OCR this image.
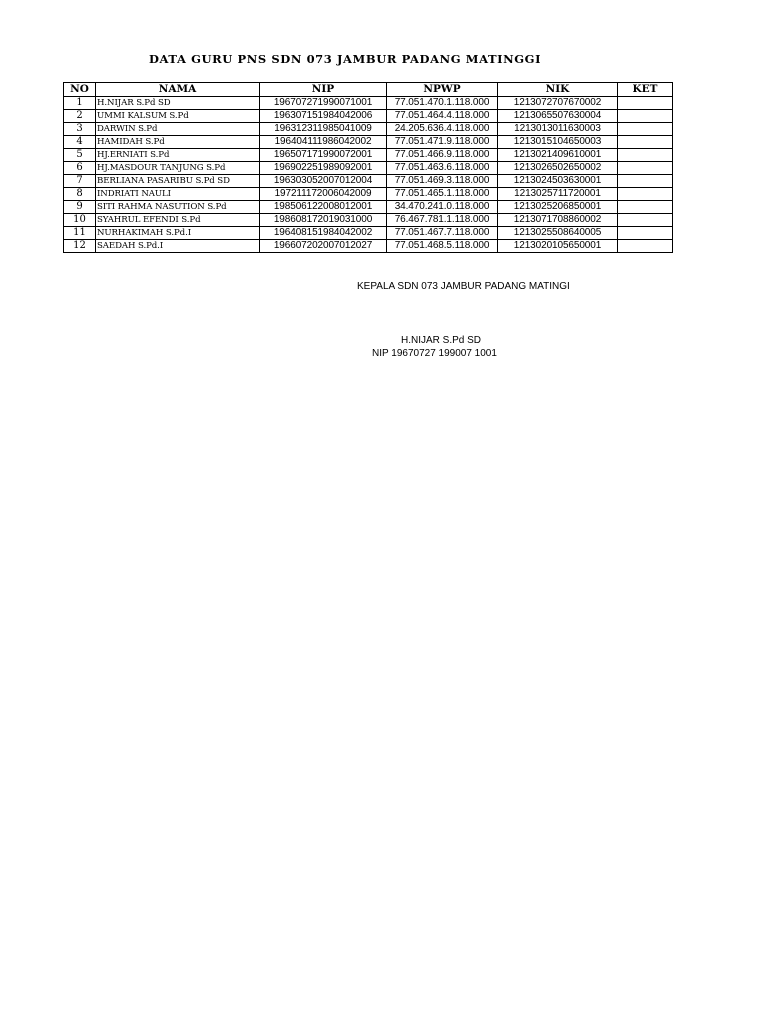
DATA GURU PNS SDN 073 JAMBUR PADANG MATINGGI
NO	NAMA	NIP	NPWP	NIK	KET
1	H.NIJAR S.Pd SD	196707271990071001	77.051.470.1.118.000	1213072707670002	
2	UMMI KALSUM S.Pd	196307151984042006	77.051.464.4.118.000	1213065507630004	
3	DARWIN S.Pd	196312311985041009	24.205.636.4.118.000	1213013011630003	
4	HAMIDAH S.Pd	196404111986042002	77.051.471.9.118.000	1213015104650003	
5	HJ.ERNIATI S.Pd	196507171990072001	77.051.466.9.118.000	1213021409610001	
6	HJ.MASDOUR TANJUNG S.Pd	196902251989092001	77.051.463.6.118.000	1213026502650002	
7	BERLIANA PASARIBU S.Pd SD	196303052007012004	77.051.469.3.118.000	1213024503630001	
8	INDRIATI NAULI	197211172006042009	77.051.465.1.118.000	1213025711720001	
9	SITI RAHMA NASUTION S.Pd	198506122008012001	34.470.241.0.118.000	1213025206850001	
10	SYAHRUL EFENDI S.Pd	198608172019031000	76.467.781.1.118.000	1213071708860002	
11	NURHAKIMAH S.Pd.I	196408151984042002	77.051.467.7.118.000	1213025508640005	
12	SAEDAH S.Pd.I	196607202007012027	77.051.468.5.118.000	1213020105650001	
KEPALA SDN 073 JAMBUR PADANG MATINGI
H.NIJAR S.Pd SD
NIP 19670727 199007 1001
